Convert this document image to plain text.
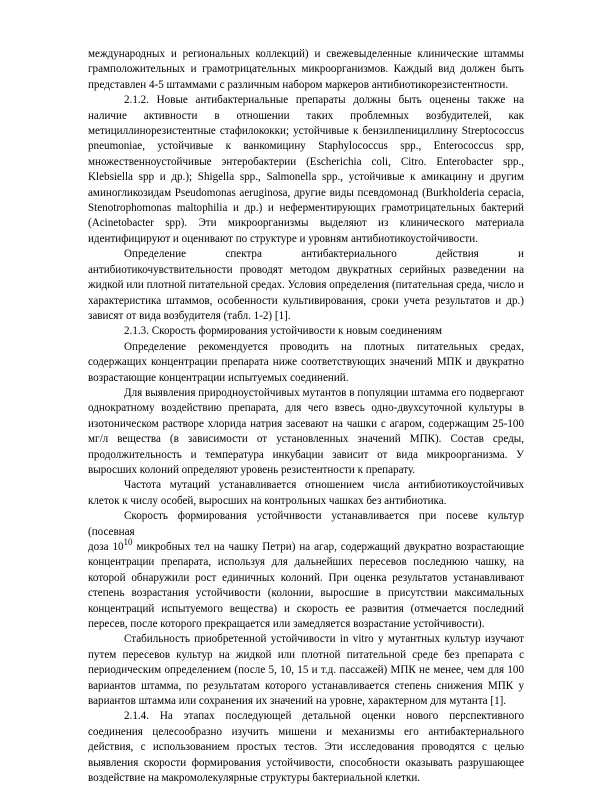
международных и региональных коллекций) и свежевыделенные клинические штаммы грамположительных и грамотрицательных микроорганизмов. Каждый вид должен быть представлен 4-5 штаммами с различным набором маркеров антибиотикорезистентности.

2.1.2. Новые антибактериальные препараты должны быть оценены также на наличие активности в отношении таких проблемных возбудителей, как метициллинорезистентные стафилококки; устойчивые к бензилпенициллину Streptococcus pneumoniae, устойчивые к ванкомицину Staphylococcus spp., Enterococcus spp, множественноустойчивые энтеробактерии (Escherichia coli, Citro. Enterobacter spp., Klebsiella spp и др.); Shigella spp., Salmonella spp., устойчивые к амикацину и другим аминогликозидам Pseudomonas aeruginosa, другие виды псевдомонад (Burkholderia cepacia, Stenotrophomonas maltophilia и др.) и неферментирующих грамотрицательных бактерий (Acinetobacter spp). Эти микроорганизмы выделяют из клинического материала идентифицируют и оценивают по структуре и уровням антибиотикоустойчивости.

Определение спектра антибактериального действия и антибиотикочувствительности проводят методом двукратных серийных разведении на жидкой или плотной питательной средах. Условия определения (питательная среда, число и характеристика штаммов, особенности культивирования, сроки учета результатов и др.) зависят от вида возбудителя (табл. 1-2) [1].

2.1.3. Скорость формирования устойчивости к новым соединениям

Определение рекомендуется проводить на плотных питательных средах, содержащих концентрации препарата ниже соответствующих значений МПК и двукратно возрастающие концентрации испытуемых соединений.

Для выявления природноустойчивых мутантов в популяции штамма его подвергают однократному воздействию препарата, для чего взвесь одно-двухсуточной культуры в изотоническом растворе хлорида натрия засевают на чашки с агаром, содержащим 25-100 мг/л вещества (в зависимости от установленных значений МПК). Состав среды, продолжительность и температура инкубации зависит от вида микроорганизма. У выросших колоний определяют уровень резистентности к препарату.

Частота мутаций устанавливается отношением числа антибиотикоустойчивых клеток к числу особей, выросших на контрольных чашках без антибиотика.

Скорость формирования устойчивости устанавливается при посеве культур (посевная

доза $10^{10}$ микробных тел на чашку Петри) на агар, содержащий двукратно возрастающие концентрации препарата, используя для дальнейших пересевов последнюю чашку, на которой обнаружили рост единичных колоний. При оценка результатов устанавливают степень возрастания устойчивости (колонии, выросшие в присутствии максимальных концентраций испытуемого вещества) и скорость ее развития (отмечается последний пересев, после которого прекращается или замедляется возрастание устойчивости).

Стабильность приобретенной устойчивости in vitro у мутантных культур изучают путем пересевов культур на жидкой или плотной питательной среде без препарата с периодическим определением (после 5, 10, 15 и т.д. пассажей) МПК не менее, чем для 100 вариантов штамма, по результатам которого устанавливается степень снижения МПК у вариантов штамма или сохранения их значений на уровне, характерном для мутанта [1].

2.1.4. На этапах последующей детальной оценки нового перспективного соединения целесообразно изучить мишени и механизмы его антибактериального действия, с использованием простых тестов. Эти исследования проводятся с целью выявления скорости формирования устойчивости, способности оказывать разрушающее воздействие на макромолекулярные структуры бактериальной клетки.
